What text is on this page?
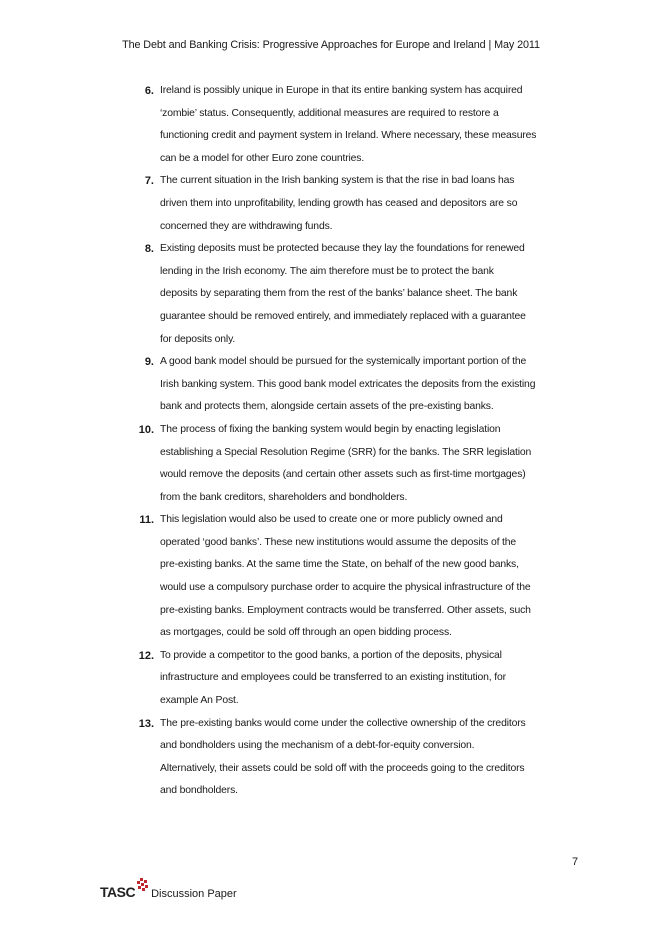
The Debt and Banking Crisis: Progressive Approaches for Europe and Ireland | May 2011
6. Ireland is possibly unique in Europe in that its entire banking system has acquired
‘zombie’ status. Consequently, additional measures are required to restore a
functioning credit and payment system in Ireland. Where necessary, these measures
can be a model for other Euro zone countries.
7. The current situation in the Irish banking system is that the rise in bad loans has
driven them into unprofitability, lending growth has ceased and depositors are so
concerned they are withdrawing funds.
8. Existing deposits must be protected because they lay the foundations for renewed
lending in the Irish economy. The aim therefore must be to protect the bank
deposits by separating them from the rest of the banks’ balance sheet. The bank
guarantee should be removed entirely, and immediately replaced with a guarantee
for deposits only.
9. A good bank model should be pursued for the systemically important portion of the
Irish banking system. This good bank model extricates the deposits from the existing
bank and protects them, alongside certain assets of the pre-existing banks.
10. The process of fixing the banking system would begin by enacting legislation
establishing a Special Resolution Regime (SRR) for the banks. The SRR legislation
would remove the deposits (and certain other assets such as first-time mortgages)
from the bank creditors, shareholders and bondholders.
11. This legislation would also be used to create one or more publicly owned and
operated ‘good banks’. These new institutions would assume the deposits of the
pre-existing banks. At the same time the State, on behalf of the new good banks,
would use a compulsory purchase order to acquire the physical infrastructure of the
pre-existing banks. Employment contracts would be transferred. Other assets, such
as mortgages, could be sold off through an open bidding process.
12. To provide a competitor to the good banks, a portion of the deposits, physical
infrastructure and employees could be transferred to an existing institution, for
example An Post.
13. The pre-existing banks would come under the collective ownership of the creditors
and bondholders using the mechanism of a debt-for-equity conversion.
Alternatively, their assets could be sold off with the proceeds going to the creditors
and bondholders.
7
TASC Discussion Paper
